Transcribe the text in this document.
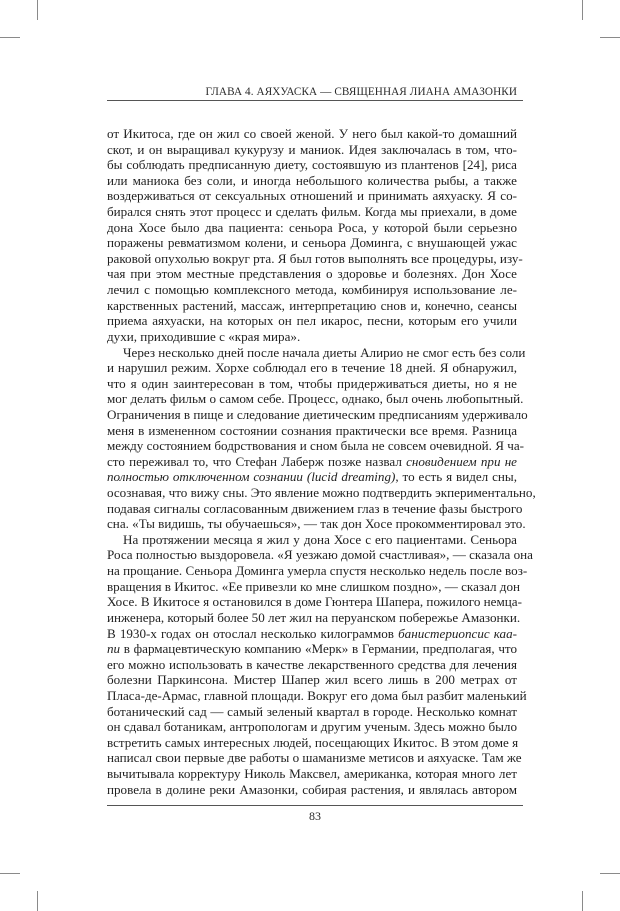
ГЛАВА 4. АЯХУАСКА — СВЯЩЕННАЯ ЛИАНА АМАЗОНКИ
от Икитоса, где он жил со своей женой. У него был какой-то домашний
скот, и он выращивал кукурузу и маниок. Идея заключалась в том, что-
бы соблюдать предписанную диету, состоявшую из плантенов [24], риса
или маниока без соли, и иногда небольшого количества рыбы, а также
воздерживаться от сексуальных отношений и принимать аяхуаску. Я со-
бирался снять этот процесс и сделать фильм. Когда мы приехали, в доме
дона Хосе было два пациента: сеньора Роса, у которой были серьезно
поражены ревматизмом колени, и сеньора Доминга, с внушающей ужас
раковой опухолью вокруг рта. Я был готов выполнять все процедуры, изу-
чая при этом местные представления о здоровье и болезнях. Дон Хосе
лечил с помощью комплексного метода, комбинируя использование ле-
карственных растений, массаж, интерпретацию снов и, конечно, сеансы
приема аяхуаски, на которых он пел икарос, песни, которым его учили
духи, приходившие с «края мира».
Через несколько дней после начала диеты Алирио не смог есть без соли
и нарушил режим. Хорхе соблюдал его в течение 18 дней. Я обнаружил,
что я один заинтересован в том, чтобы придерживаться диеты, но я не
мог делать фильм о самом себе. Процесс, однако, был очень любопытный.
Ограничения в пище и следование диетическим предписаниям удерживало
меня в измененном состоянии сознания практически все время. Разница
между состоянием бодрствования и сном была не совсем очевидной. Я ча-
сто переживал то, что Стефан Лаберж позже назвал сновидением при не
полностью отключенном сознании (lucid dreaming), то есть я видел сны,
осознавая, что вижу сны. Это явление можно подтвердить экпериментально,
подавая сигналы согласованным движением глаз в течение фазы быстрого
сна. «Ты видишь, ты обучаешься», — так дон Хосе прокомментировал это.
На протяжении месяца я жил у дона Хосе с его пациентами. Сеньора
Роса полностью выздоровела. «Я уезжаю домой счастливая», — сказала она
на прощание. Сеньора Доминга умерла спустя несколько недель после воз-
вращения в Икитос. «Ее привезли ко мне слишком поздно», — сказал дон
Хосе. В Икитосе я остановился в доме Гюнтера Шапера, пожилого немца-
инженера, который более 50 лет жил на перуанском побережье Амазонки.
В 1930-х годах он отослал несколько килограммов банистериопсис каа-
пи в фармацевтическую компанию «Мерк» в Германии, предполагая, что
его можно использовать в качестве лекарственного средства для лечения
болезни Паркинсона. Мистер Шапер жил всего лишь в 200 метрах от
Пласа-де-Армас, главной площади. Вокруг его дома был разбит маленький
ботанический сад — самый зеленый квартал в городе. Несколько комнат
он сдавал ботаникам, антропологам и другим ученым. Здесь можно было
встретить самых интересных людей, посещающих Икитос. В этом доме я
написал свои первые две работы о шаманизме метисов и аяхуаске. Там же
вычитывала корректуру Николь Максвел, американка, которая много лет
провела в долине реки Амазонки, собирая растения, и являлась автором
83
